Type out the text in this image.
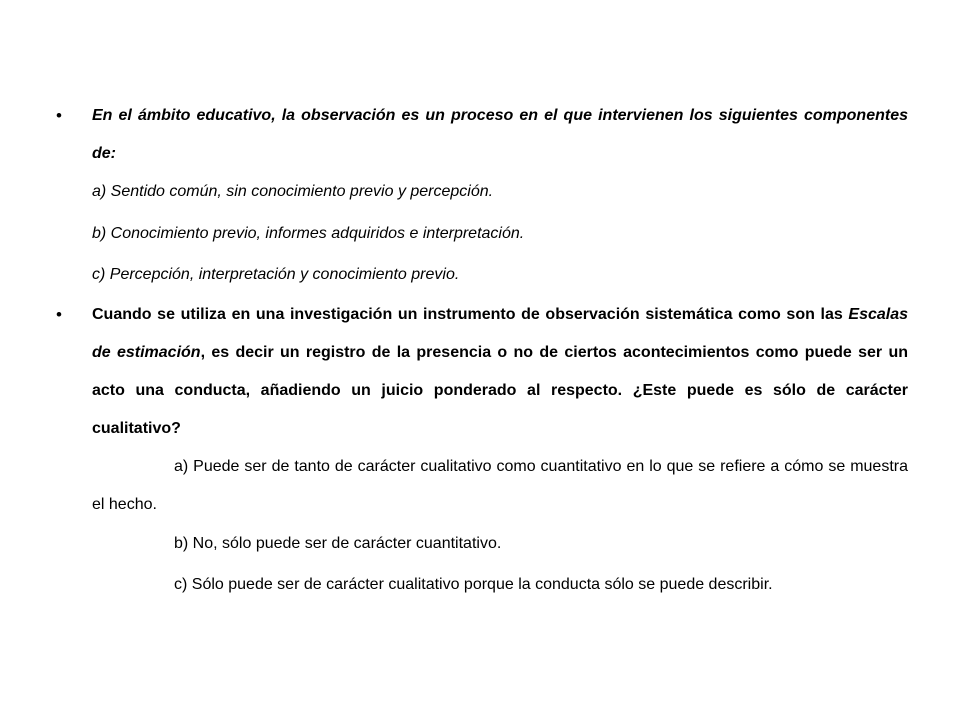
• En el ámbito educativo, la observación es un proceso en el que intervienen los siguientes componentes de:
a) Sentido común, sin conocimiento previo y percepción.
b) Conocimiento previo, informes adquiridos e interpretación.
c) Percepción, interpretación y conocimiento previo.
• Cuando se utiliza en una investigación un instrumento de observación sistemática como son las Escalas de estimación, es decir un registro de la presencia o no de ciertos acontecimientos como puede ser un acto una conducta, añadiendo un juicio ponderado al respecto. ¿Este puede es sólo de carácter cualitativo?
a) Puede ser de tanto de carácter cualitativo como cuantitativo en lo que se refiere a cómo se muestra el hecho.
b) No, sólo puede ser de carácter cuantitativo.
c) Sólo puede ser de carácter cualitativo porque la conducta sólo se puede describir.
